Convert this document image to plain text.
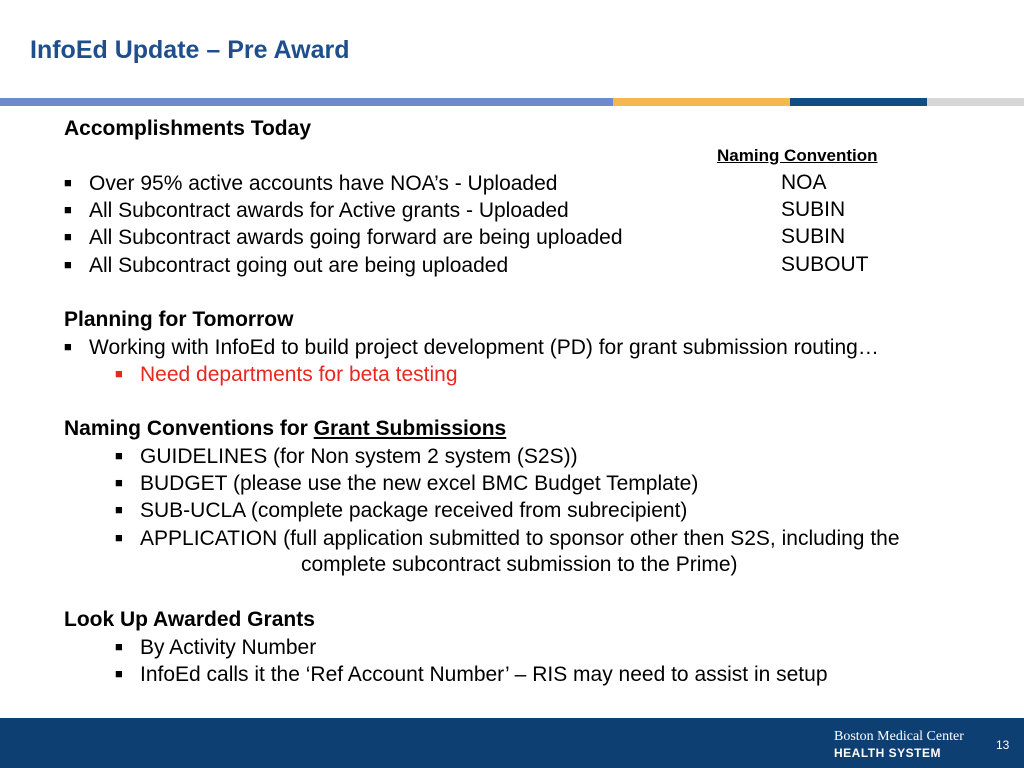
InfoEd Update – Pre Award
Accomplishments Today
Naming Convention
■ Over 95% active accounts have NOA’s - Uploaded	NOA
■ All Subcontract awards for Active grants - Uploaded	SUBIN
■ All Subcontract awards going forward are being uploaded	SUBIN
■ All Subcontract going out are being uploaded	SUBOUT
Planning for Tomorrow
■ Working with InfoEd to build project development (PD) for grant submission routing…
■ Need departments for beta testing
Naming Conventions for Grant Submissions
■ GUIDELINES (for Non system 2 system (S2S))
■ BUDGET (please use the new excel BMC Budget Template)
■ SUB-UCLA (complete package received from subrecipient)
■ APPLICATION (full application submitted to sponsor other then S2S, including the
complete subcontract submission to the Prime)
Look Up Awarded Grants
■ By Activity Number
■ InfoEd calls it the ‘Ref Account Number’ – RIS may need to assist in setup
Boston Medical Center
HEALTH SYSTEM
13
